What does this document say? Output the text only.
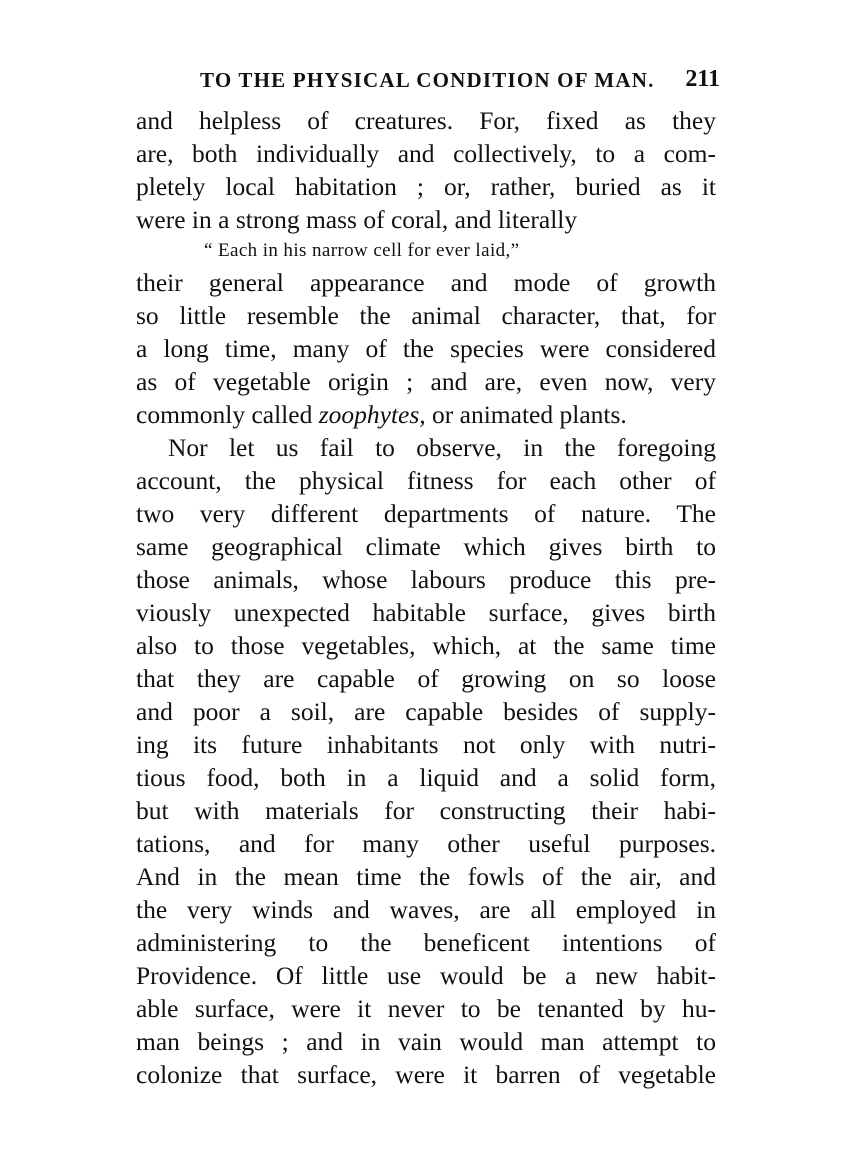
TO THE PHYSICAL CONDITION OF MAN. 211
and helpless of creatures. For, fixed as they
are, both individually and collectively, to a com-
pletely local habitation ; or, rather, buried as it
were in a strong mass of coral, and literally
“ Each in his narrow cell for ever laid,”
their general appearance and mode of growth
so little resemble the animal character, that, for
a long time, many of the species were considered
as of vegetable origin ; and are, even now, very
commonly called zoophytes, or animated plants.
Nor let us fail to observe, in the foregoing
account, the physical fitness for each other of
two very different departments of nature. The
same geographical climate which gives birth to
those animals, whose labours produce this pre-
viously unexpected habitable surface, gives birth
also to those vegetables, which, at the same time
that they are capable of growing on so loose
and poor a soil, are capable besides of supply-
ing its future inhabitants not only with nutri-
tious food, both in a liquid and a solid form,
but with materials for constructing their habi-
tations, and for many other useful purposes.
And in the mean time the fowls of the air, and
the very winds and waves, are all employed in
administering to the beneficent intentions of
Providence. Of little use would be a new habit-
able surface, were it never to be tenanted by hu-
man beings ; and in vain would man attempt to
colonize that surface, were it barren of vegetable
